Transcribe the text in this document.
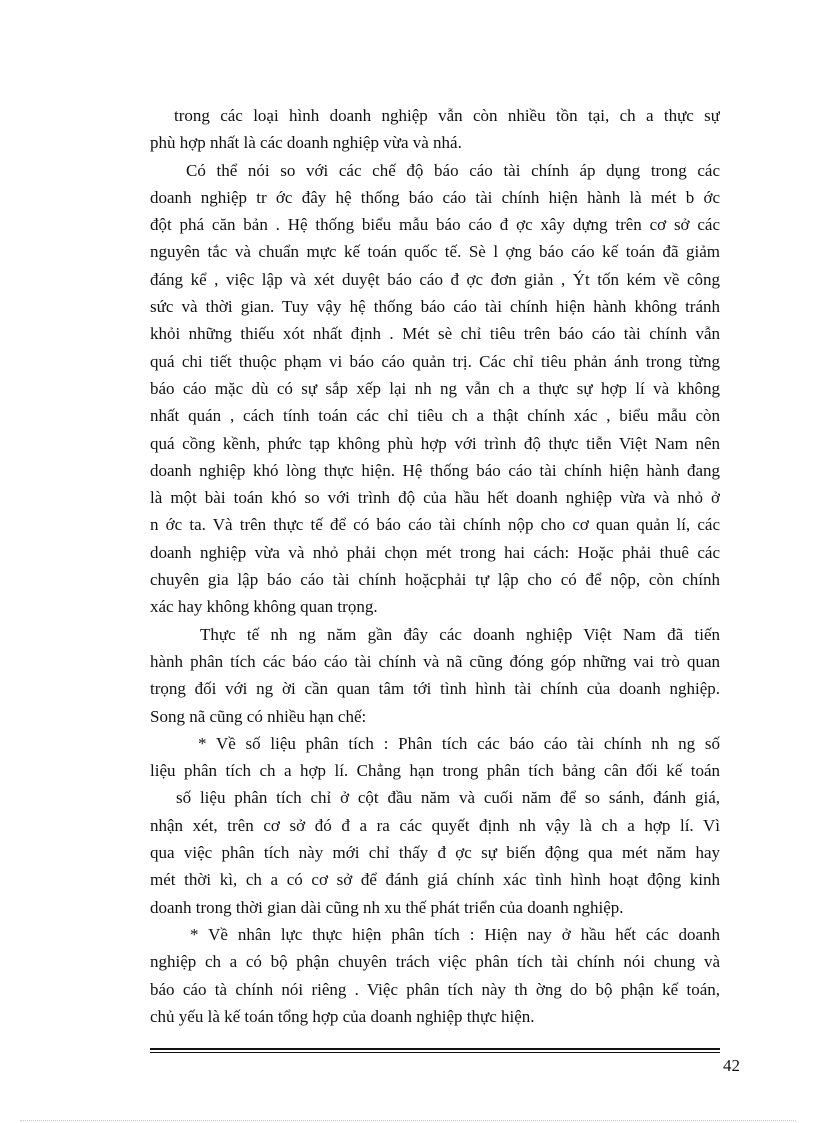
trong các loại hình doanh nghiệp vẫn còn nhiều tồn tại, ch a thực sự
phù hợp nhất là các doanh nghiệp vừa và nhá.
Có thể nói so với các chế độ báo cáo tài chính áp dụng trong các
doanh nghiệp tr ớc đây hệ thống báo cáo tài chính hiện hành là mét b ớc
đột phá căn bản . Hệ thống biểu mẫu báo cáo đ ợc xây dựng trên cơ sở các
nguyên tắc và chuẩn mực kế toán quốc tế. Sè l ợng báo cáo kế toán đã giảm
đáng kể , việc lập và xét duyệt báo cáo đ ợc đơn giản , Ýt tốn kém về công
sức và thời gian. Tuy vậy hệ thống báo cáo tài chính hiện hành không tránh
khỏi những thiếu xót nhất định . Mét sè chỉ tiêu trên báo cáo tài chính vẫn
quá chi tiết thuộc phạm vi báo cáo quản trị. Các chỉ tiêu phản ánh trong từng
báo cáo mặc dù có sự sắp xếp lại nh ng vẫn ch a thực sự hợp lí và không
nhất quán , cách tính toán các chỉ tiêu ch a thật chính xác , biểu mẫu còn
quá cồng kềnh, phức tạp không phù hợp với trình độ thực tiễn Việt Nam nên
doanh nghiệp khó lòng thực hiện. Hệ thống báo cáo tài chính hiện hành đang
là một bài toán khó so với trình độ của hầu hết doanh nghiệp vừa và nhỏ ở
n ớc ta. Và trên thực tế để có báo cáo tài chính nộp cho cơ quan quản lí, các
doanh nghiệp vừa và nhỏ phải chọn mét trong hai cách: Hoặc phải thuê các
chuyên gia lập báo cáo tài chính hoặcphải tự lập cho có để nộp, còn chính
xác hay không không quan trọng.
Thực tế nh ng năm gần đây các doanh nghiệp Việt Nam đã tiến
hành phân tích các báo cáo tài chính và nã cũng đóng góp những vai trò quan
trọng đối với ng ời cần quan tâm tới tình hình tài chính của doanh nghiệp.
Song nã cũng có nhiều hạn chế:
* Về số liệu phân tích : Phân tích các báo cáo tài chính nh ng số
liệu phân tích ch a hợp lí. Chẳng hạn trong phân tích bảng cân đối kế toán
số liệu phân tích chỉ ở cột đầu năm và cuối năm để so sánh, đánh giá,
nhận xét, trên cơ sở đó đ a ra các quyết định nh vậy là ch a hợp lí. Vì
qua việc phân tích này mới chỉ thấy đ ợc sự biến động qua mét năm hay
mét thời kì, ch a có cơ sở để đánh giá chính xác tình hình hoạt động kinh
doanh trong thời gian dài cũng nh xu thế phát triển của doanh nghiệp.
* Về nhân lực thực hiện phân tích : Hiện nay ở hầu hết các doanh
nghiệp ch a có bộ phận chuyên trách việc phân tích tài chính nói chung và
báo cáo tà chính nói riêng . Việc phân tích này th ờng do bộ phận kế toán,
chủ yếu là kế toán tổng hợp của doanh nghiệp thực hiện.
42
